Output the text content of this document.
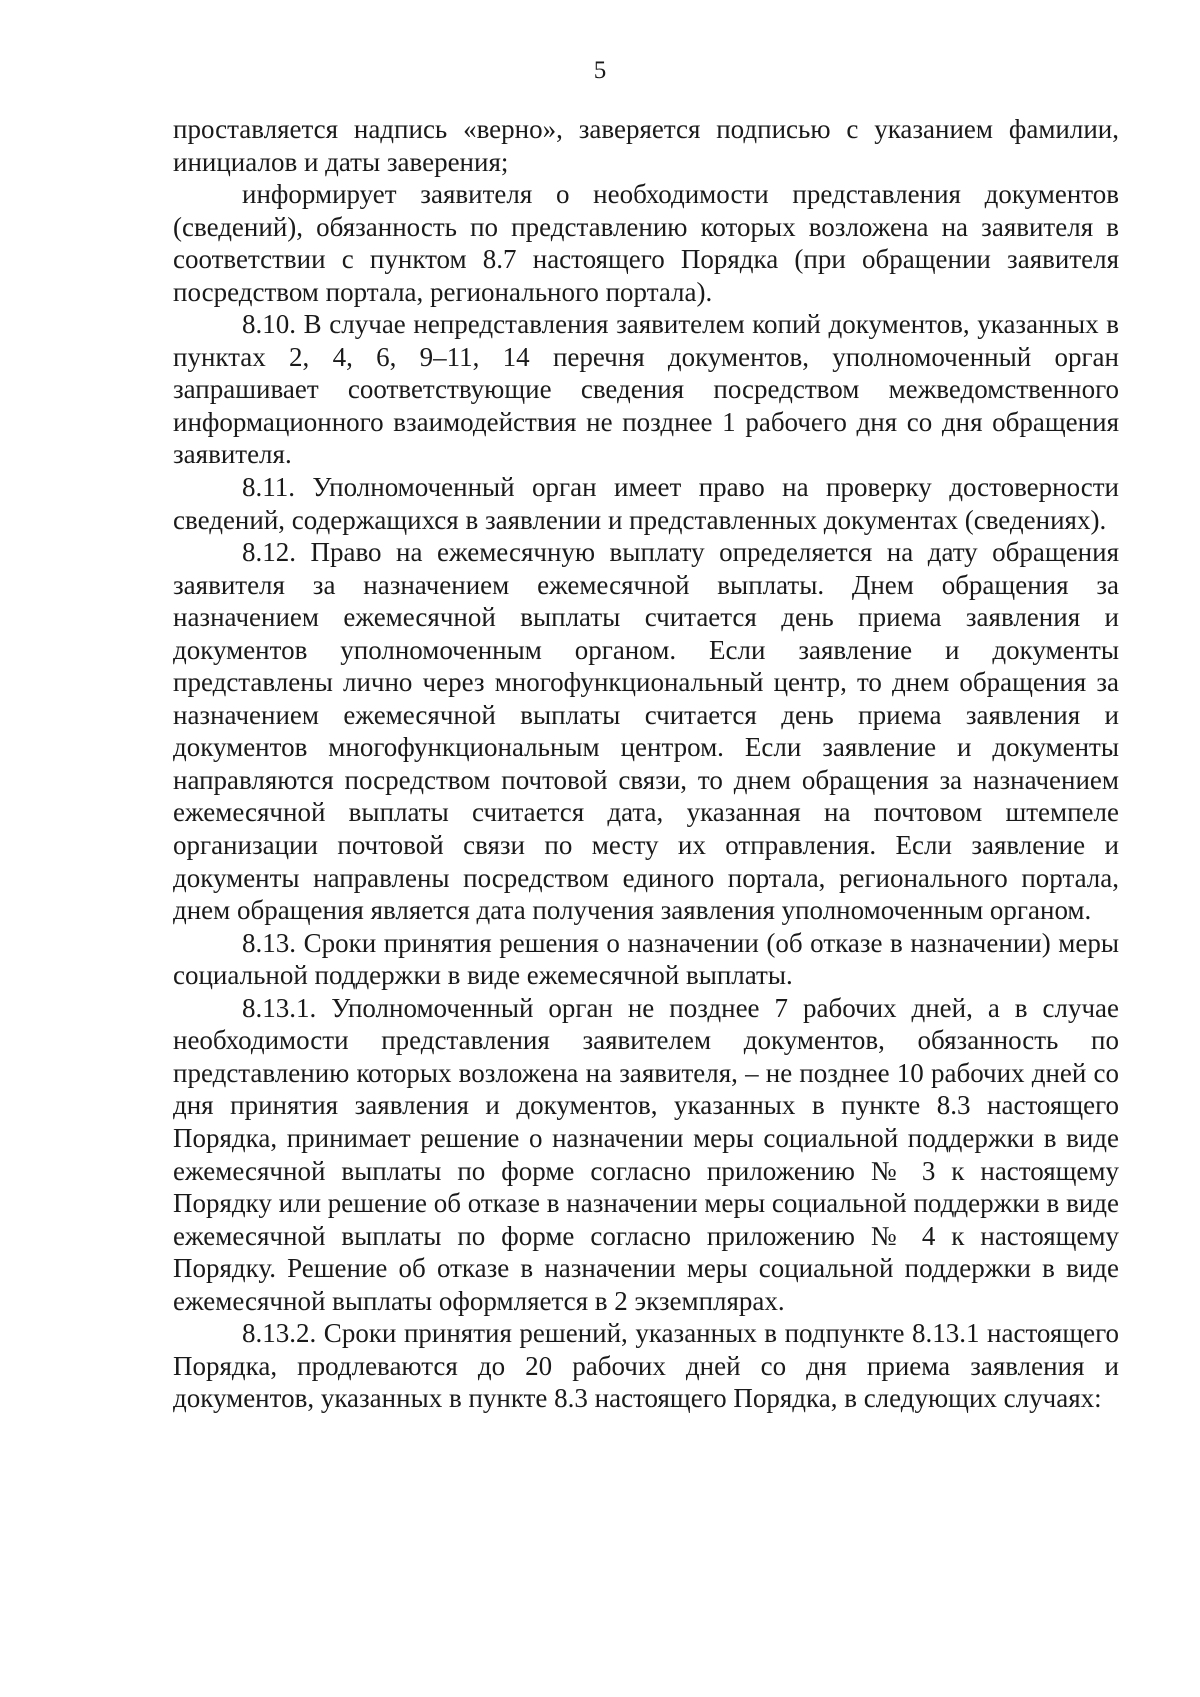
5

проставляется надпись «верно», заверяется подписью с указанием фамилии, инициалов и даты заверения;

информирует заявителя о необходимости представления документов (сведений), обязанность по представлению которых возложена на заявителя в соответствии с пунктом 8.7 настоящего Порядка (при обращении заявителя посредством портала, регионального портала).

8.10. В случае непредставления заявителем копий документов, указанных в пунктах 2, 4, 6, 9–11, 14 перечня документов, уполномоченный орган запрашивает соответствующие сведения посредством межведомственного информационного взаимодействия не позднее 1 рабочего дня со дня обращения заявителя.

8.11. Уполномоченный орган имеет право на проверку достоверности сведений, содержащихся в заявлении и представленных документах (сведениях).

8.12. Право на ежемесячную выплату определяется на дату обращения заявителя за назначением ежемесячной выплаты. Днем обращения за назначением ежемесячной выплаты считается день приема заявления и документов уполномоченным органом. Если заявление и документы представлены лично через многофункциональный центр, то днем обращения за назначением ежемесячной выплаты считается день приема заявления и документов многофункциональным центром. Если заявление и документы направляются посредством почтовой связи, то днем обращения за назначением ежемесячной выплаты считается дата, указанная на почтовом штемпеле организации почтовой связи по месту их отправления. Если заявление и документы направлены посредством единого портала, регионального портала, днем обращения является дата получения заявления уполномоченным органом.

8.13. Сроки принятия решения о назначении (об отказе в назначении) меры социальной поддержки в виде ежемесячной выплаты.

8.13.1. Уполномоченный орган не позднее 7 рабочих дней, а в случае необходимости представления заявителем документов, обязанность по представлению которых возложена на заявителя, – не позднее 10 рабочих дней со дня принятия заявления и документов, указанных в пункте 8.3 настоящего Порядка, принимает решение о назначении меры социальной поддержки в виде ежемесячной выплаты по форме согласно приложению № 3 к настоящему Порядку или решение об отказе в назначении меры социальной поддержки в виде ежемесячной выплаты по форме согласно приложению № 4 к настоящему Порядку. Решение об отказе в назначении меры социальной поддержки в виде ежемесячной выплаты оформляется в 2 экземплярах.

8.13.2. Сроки принятия решений, указанных в подпункте 8.13.1 настоящего Порядка, продлеваются до 20 рабочих дней со дня приема заявления и документов, указанных в пункте 8.3 настоящего Порядка, в следующих случаях:
